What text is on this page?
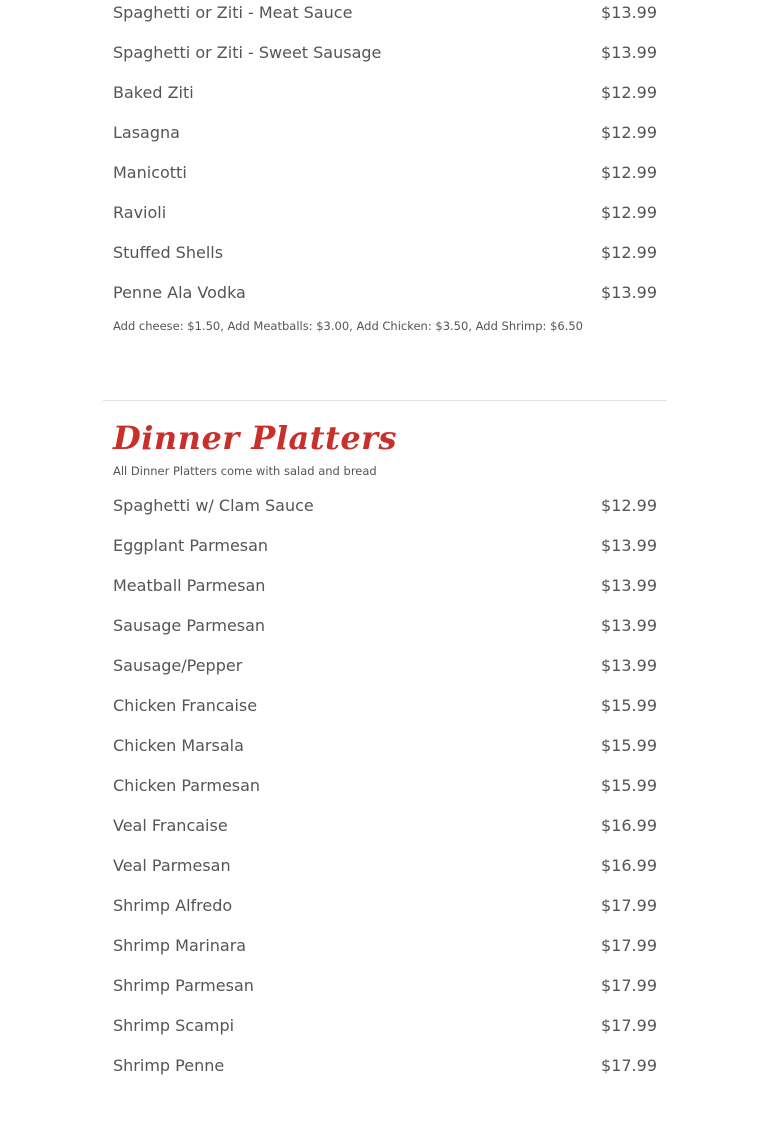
Spaghetti or Ziti - Meat Sauce	$13.99
Spaghetti or Ziti - Sweet Sausage	$13.99
Baked Ziti	$12.99
Lasagna	$12.99
Manicotti	$12.99
Ravioli	$12.99
Stuffed Shells	$12.99
Penne Ala Vodka	$13.99
Add cheese: $1.50, Add Meatballs: $3.00, Add Chicken: $3.50, Add Shrimp: $6.50
Dinner Platters
All Dinner Platters come with salad and bread
Spaghetti w/ Clam Sauce	$12.99
Eggplant Parmesan	$13.99
Meatball Parmesan	$13.99
Sausage Parmesan	$13.99
Sausage/Pepper	$13.99
Chicken Francaise	$15.99
Chicken Marsala	$15.99
Chicken Parmesan	$15.99
Veal Francaise	$16.99
Veal Parmesan	$16.99
Shrimp Alfredo	$17.99
Shrimp Marinara	$17.99
Shrimp Parmesan	$17.99
Shrimp Scampi	$17.99
Shrimp Penne	$17.99
